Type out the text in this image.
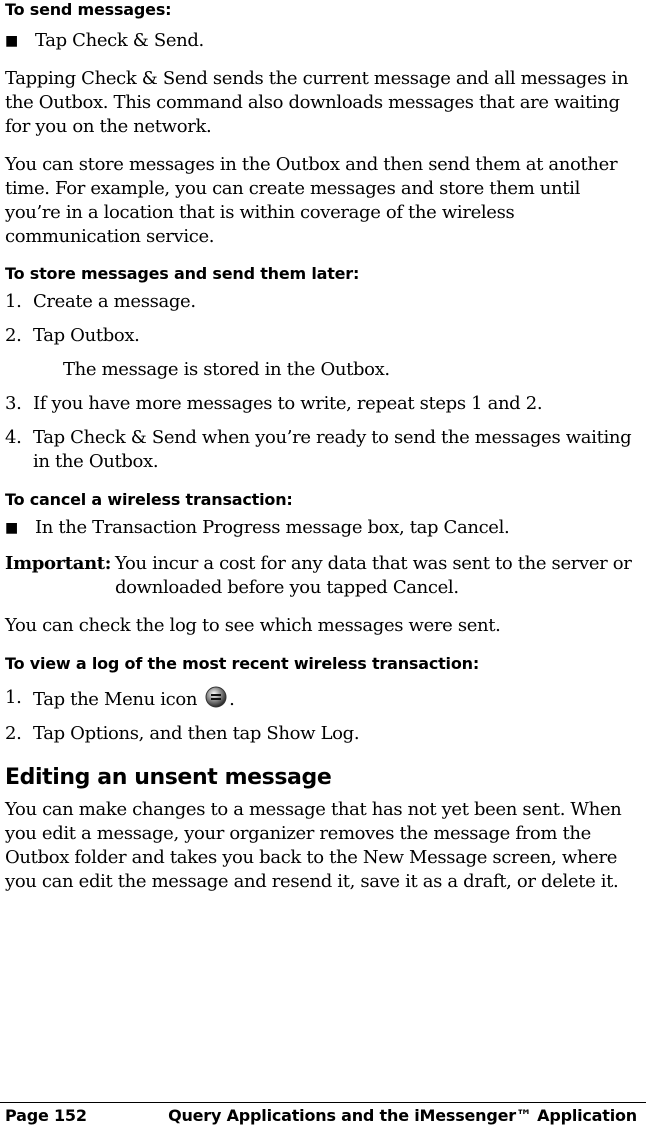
To send messages:

■ Tap Check & Send.

Tapping Check & Send sends the current message and all messages in the Outbox. This command also downloads messages that are waiting for you on the network.

You can store messages in the Outbox and then send them at another time. For example, you can create messages and store them until you’re in a location that is within coverage of the wireless communication service.

To store messages and send them later:

1. Create a message.
2. Tap Outbox.

The message is stored in the Outbox.

3. If you have more messages to write, repeat steps 1 and 2.
4. Tap Check & Send when you’re ready to send the messages waiting in the Outbox.

To cancel a wireless transaction:

■ In the Transaction Progress message box, tap Cancel.
Important: You incur a cost for any data that was sent to the server or downloaded before you tapped Cancel.

You can check the log to see which messages were sent.

To view a log of the most recent wireless transaction:

1. Tap the Menu icon .
2. Tap Options, and then tap Show Log.

Editing an unsent message

You can make changes to a message that has not yet been sent. When you edit a message, your organizer removes the message from the Outbox folder and takes you back to the New Message screen, where you can edit the message and resend it, save it as a draft, or delete it.

Page 152	Query Applications and the iMessenger™ Application
